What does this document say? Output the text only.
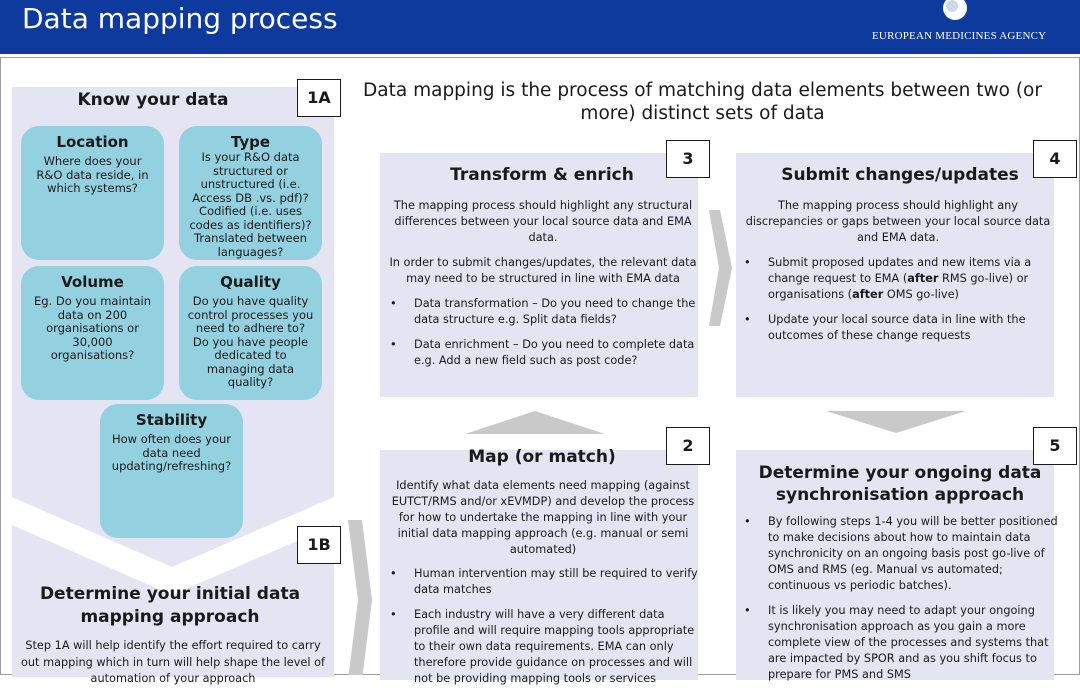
Data mapping process
EUROPEAN MEDICINES AGENCY
Know your data	1A
Location
Where does your R&O data reside, in which systems?
Type
Is your R&O data structured or unstructured (i.e. Access DB .vs. pdf)? Codified (i.e. uses codes as identifiers)? Translated between languages?
Volume
Eg. Do you maintain data on 200 organisations or 30,000 organisations?
Quality
Do you have quality control processes you need to adhere to? Do you have people dedicated to managing data quality?
Stability
How often does your data need updating/refreshing?
1B
Determine your initial data mapping approach
Step 1A will help identify the effort required to carry out mapping which in turn will help shape the level of automation of your approach
Data mapping is the process of matching data elements between two (or more) distinct sets of data
3
Transform & enrich
The mapping process should highlight any structural differences between your local source data and EMA data.
In order to submit changes/updates, the relevant data may need to be structured in line with EMA data
• Data transformation – Do you need to change the data structure e.g. Split data fields?
• Data enrichment – Do you need to complete data e.g. Add a new field such as post code?
4
Submit changes/updates
The mapping process should highlight any discrepancies or gaps between your local source data and EMA data.
• Submit proposed updates and new items via a change request to EMA (after RMS go-live) or organisations (after OMS go-live)
• Update your local source data in line with the outcomes of these change requests
2
Map (or match)
Identify what data elements need mapping (against EUTCT/RMS and/or xEVMDP) and develop the process for how to undertake the mapping in line with your initial data mapping approach (e.g. manual or semi automated)
• Human intervention may still be required to verify data matches
• Each industry will have a very different data profile and will require mapping tools appropriate to their own data requirements. EMA can only therefore provide guidance on processes and will not be providing mapping tools or services
5
Determine your ongoing data synchronisation approach
• By following steps 1-4 you will be better positioned to make decisions about how to maintain data synchronicity on an ongoing basis post go-live of OMS and RMS (eg. Manual vs automated; continuous vs periodic batches).
• It is likely you may need to adapt your ongoing synchronisation approach as you gain a more complete view of the processes and systems that are impacted by SPOR and as you shift focus to prepare for PMS and SMS
